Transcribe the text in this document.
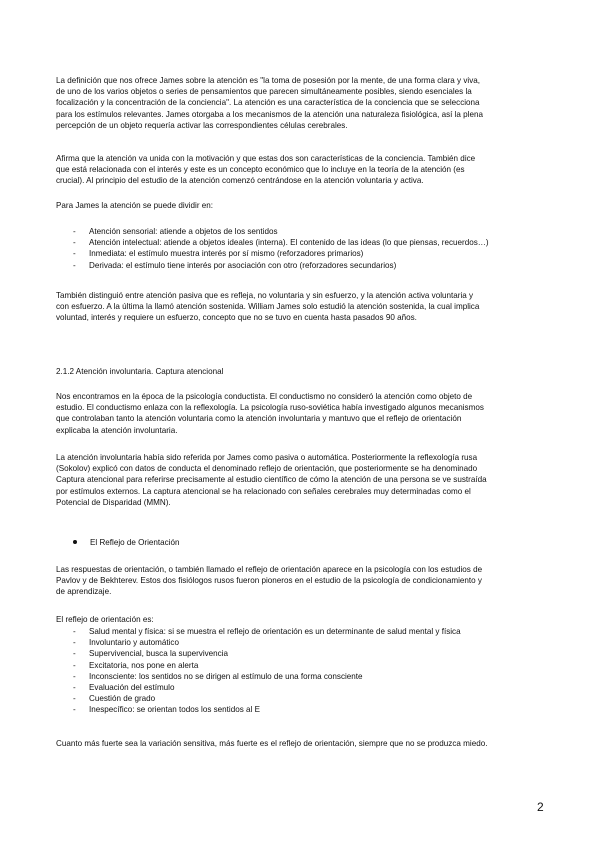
La definición que nos ofrece James sobre la atención es "la toma de posesión por la mente, de una forma clara y viva,
de uno de los varios objetos o series de pensamientos que parecen simultáneamente posibles, siendo esenciales la
focalización y la concentración de la conciencia". La atención es una característica de la conciencia que se selecciona
para los estímulos relevantes. James otorgaba a los mecanismos de la atención una naturaleza fisiológica, así la plena
percepción de un objeto requería activar las correspondientes células cerebrales.

Afirma que la atención va unida con la motivación y que estas dos son características de la conciencia. También dice
que está relacionada con el interés y este es un concepto económico que lo incluye en la teoría de la atención (es
crucial). Al principio del estudio de la atención comenzó centrándose en la atención voluntaria y activa.

Para James la atención se puede dividir en:

- Atención sensorial: atiende a objetos de los sentidos
- Atención intelectual: atiende a objetos ideales (interna). El contenido de las ideas (lo que piensas, recuerdos…)
- Inmediata: el estímulo muestra interés por sí mismo (reforzadores primarios)
- Derivada: el estímulo tiene interés por asociación con otro (reforzadores secundarios)

También distinguió entre atención pasiva que es refleja, no voluntaria y sin esfuerzo, y la atención activa voluntaria y
con esfuerzo. A la última la llamó atención sostenida. William James solo estudió la atención sostenida, la cual implica
voluntad, interés y requiere un esfuerzo, concepto que no se tuvo en cuenta hasta pasados 90 años.

2.1.2 Atención involuntaria. Captura atencional

Nos encontramos en la época de la psicología conductista. El conductismo no consideró la atención como objeto de
estudio. El conductismo enlaza con la reflexología. La psicología ruso-soviética había investigado algunos mecanismos
que controlaban tanto la atención voluntaria como la atención involuntaria y mantuvo que el reflejo de orientación
explicaba la atención involuntaria.

La atención involuntaria había sido referida por James como pasiva o automática. Posteriormente la reflexología rusa
(Sokolov) explicó con datos de conducta el denominado reflejo de orientación, que posteriormente se ha denominado
Captura atencional para referirse precisamente al estudio científico de cómo la atención de una persona se ve sustraída
por estímulos externos. La captura atencional se ha relacionado con señales cerebrales muy determinadas como el
Potencial de Disparidad (MMN).

El Reflejo de Orientación

Las respuestas de orientación, o también llamado el reflejo de orientación aparece en la psicología con los estudios de
Pavlov y de Bekhterev. Estos dos fisiólogos rusos fueron pioneros en el estudio de la psicología de condicionamiento y
de aprendizaje.

El reflejo de orientación es:

- Salud mental y física: si se muestra el reflejo de orientación es un determinante de salud mental y física
- Involuntario y automático
- Supervivencial, busca la supervivencia
- Excitatoria, nos pone en alerta
- Inconsciente: los sentidos no se dirigen al estímulo de una forma consciente
- Evaluación del estímulo
- Cuestión de grado
- Inespecífico: se orientan todos los sentidos al E

Cuanto más fuerte sea la variación sensitiva, más fuerte es el reflejo de orientación, siempre que no se produzca miedo.

2
